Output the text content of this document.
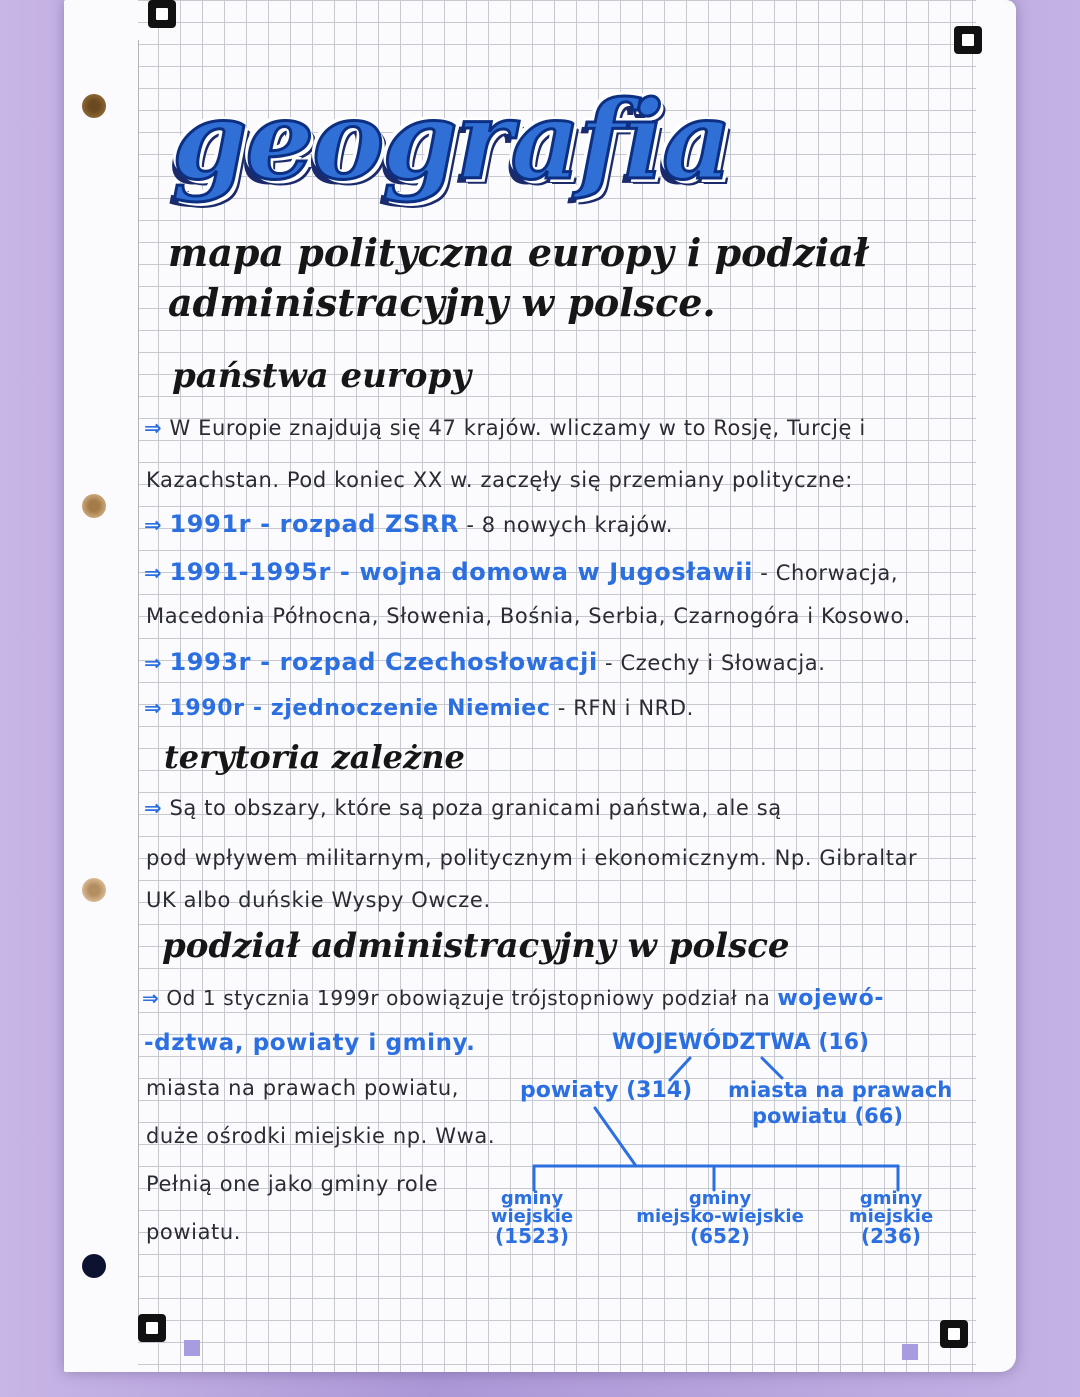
geografia
mapa polityczna europy i podział
administracyjny w polsce.
państwa europy
⇒ W Europie znajdują się 47 krajów. wliczamy w to Rosję, Turcję i
Kazachstan. Pod koniec XX w. zaczęły się przemiany polityczne:
⇒ 1991r - rozpad ZSRR - 8 nowych krajów.
⇒ 1991-1995r - wojna domowa w Jugosławii - Chorwacja,
Macedonia Północna, Słowenia, Bośnia, Serbia, Czarnogóra i Kosowo.
⇒ 1993r - rozpad Czechosłowacji - Czechy i Słowacja.
⇒ 1990r - zjednoczenie Niemiec - RFN i NRD.
terytoria zależne
⇒ Są to obszary, które są poza granicami państwa, ale są
pod wpływem militarnym, politycznym i ekonomicznym. Np. Gibraltar
UK albo duńskie Wyspy Owcze.
podział administracyjny w polsce
⇒ Od 1 stycznia 1999r obowiązuje trójstopniowy podział na wojewó-
-dztwa, powiaty i gminy.
miasta na prawach powiatu,
duże ośrodki miejskie np. Wwa.
Pełnią one jako gminy role
powiatu.
WOJEWÓDZTWA (16)
powiaty (314) miasta na prawach
powiatu (66)
gminy
wiejskie
(1523)
gminy
miejsko-wiejskie
(652)
gminy
miejskie
(236)
